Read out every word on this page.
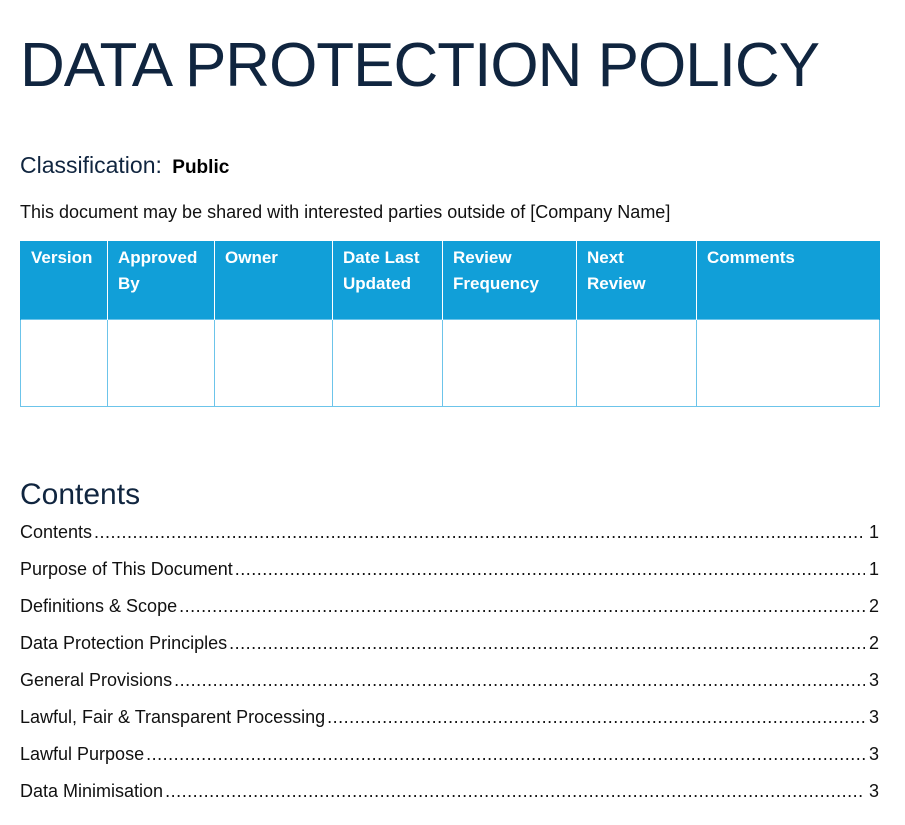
DATA PROTECTION POLICY
Classification: Public
This document may be shared with interested parties outside of [Company Name]
Version	Approved By	Owner	Date Last Updated	Review Frequency	Next Review	Comments

Contents
Contents .....	1
Purpose of This Document .....	1
Definitions & Scope .....	2
Data Protection Principles .....	2
General Provisions .....	3
Lawful, Fair & Transparent Processing .....	3
Lawful Purpose .....	3
Data Minimisation .....	3
